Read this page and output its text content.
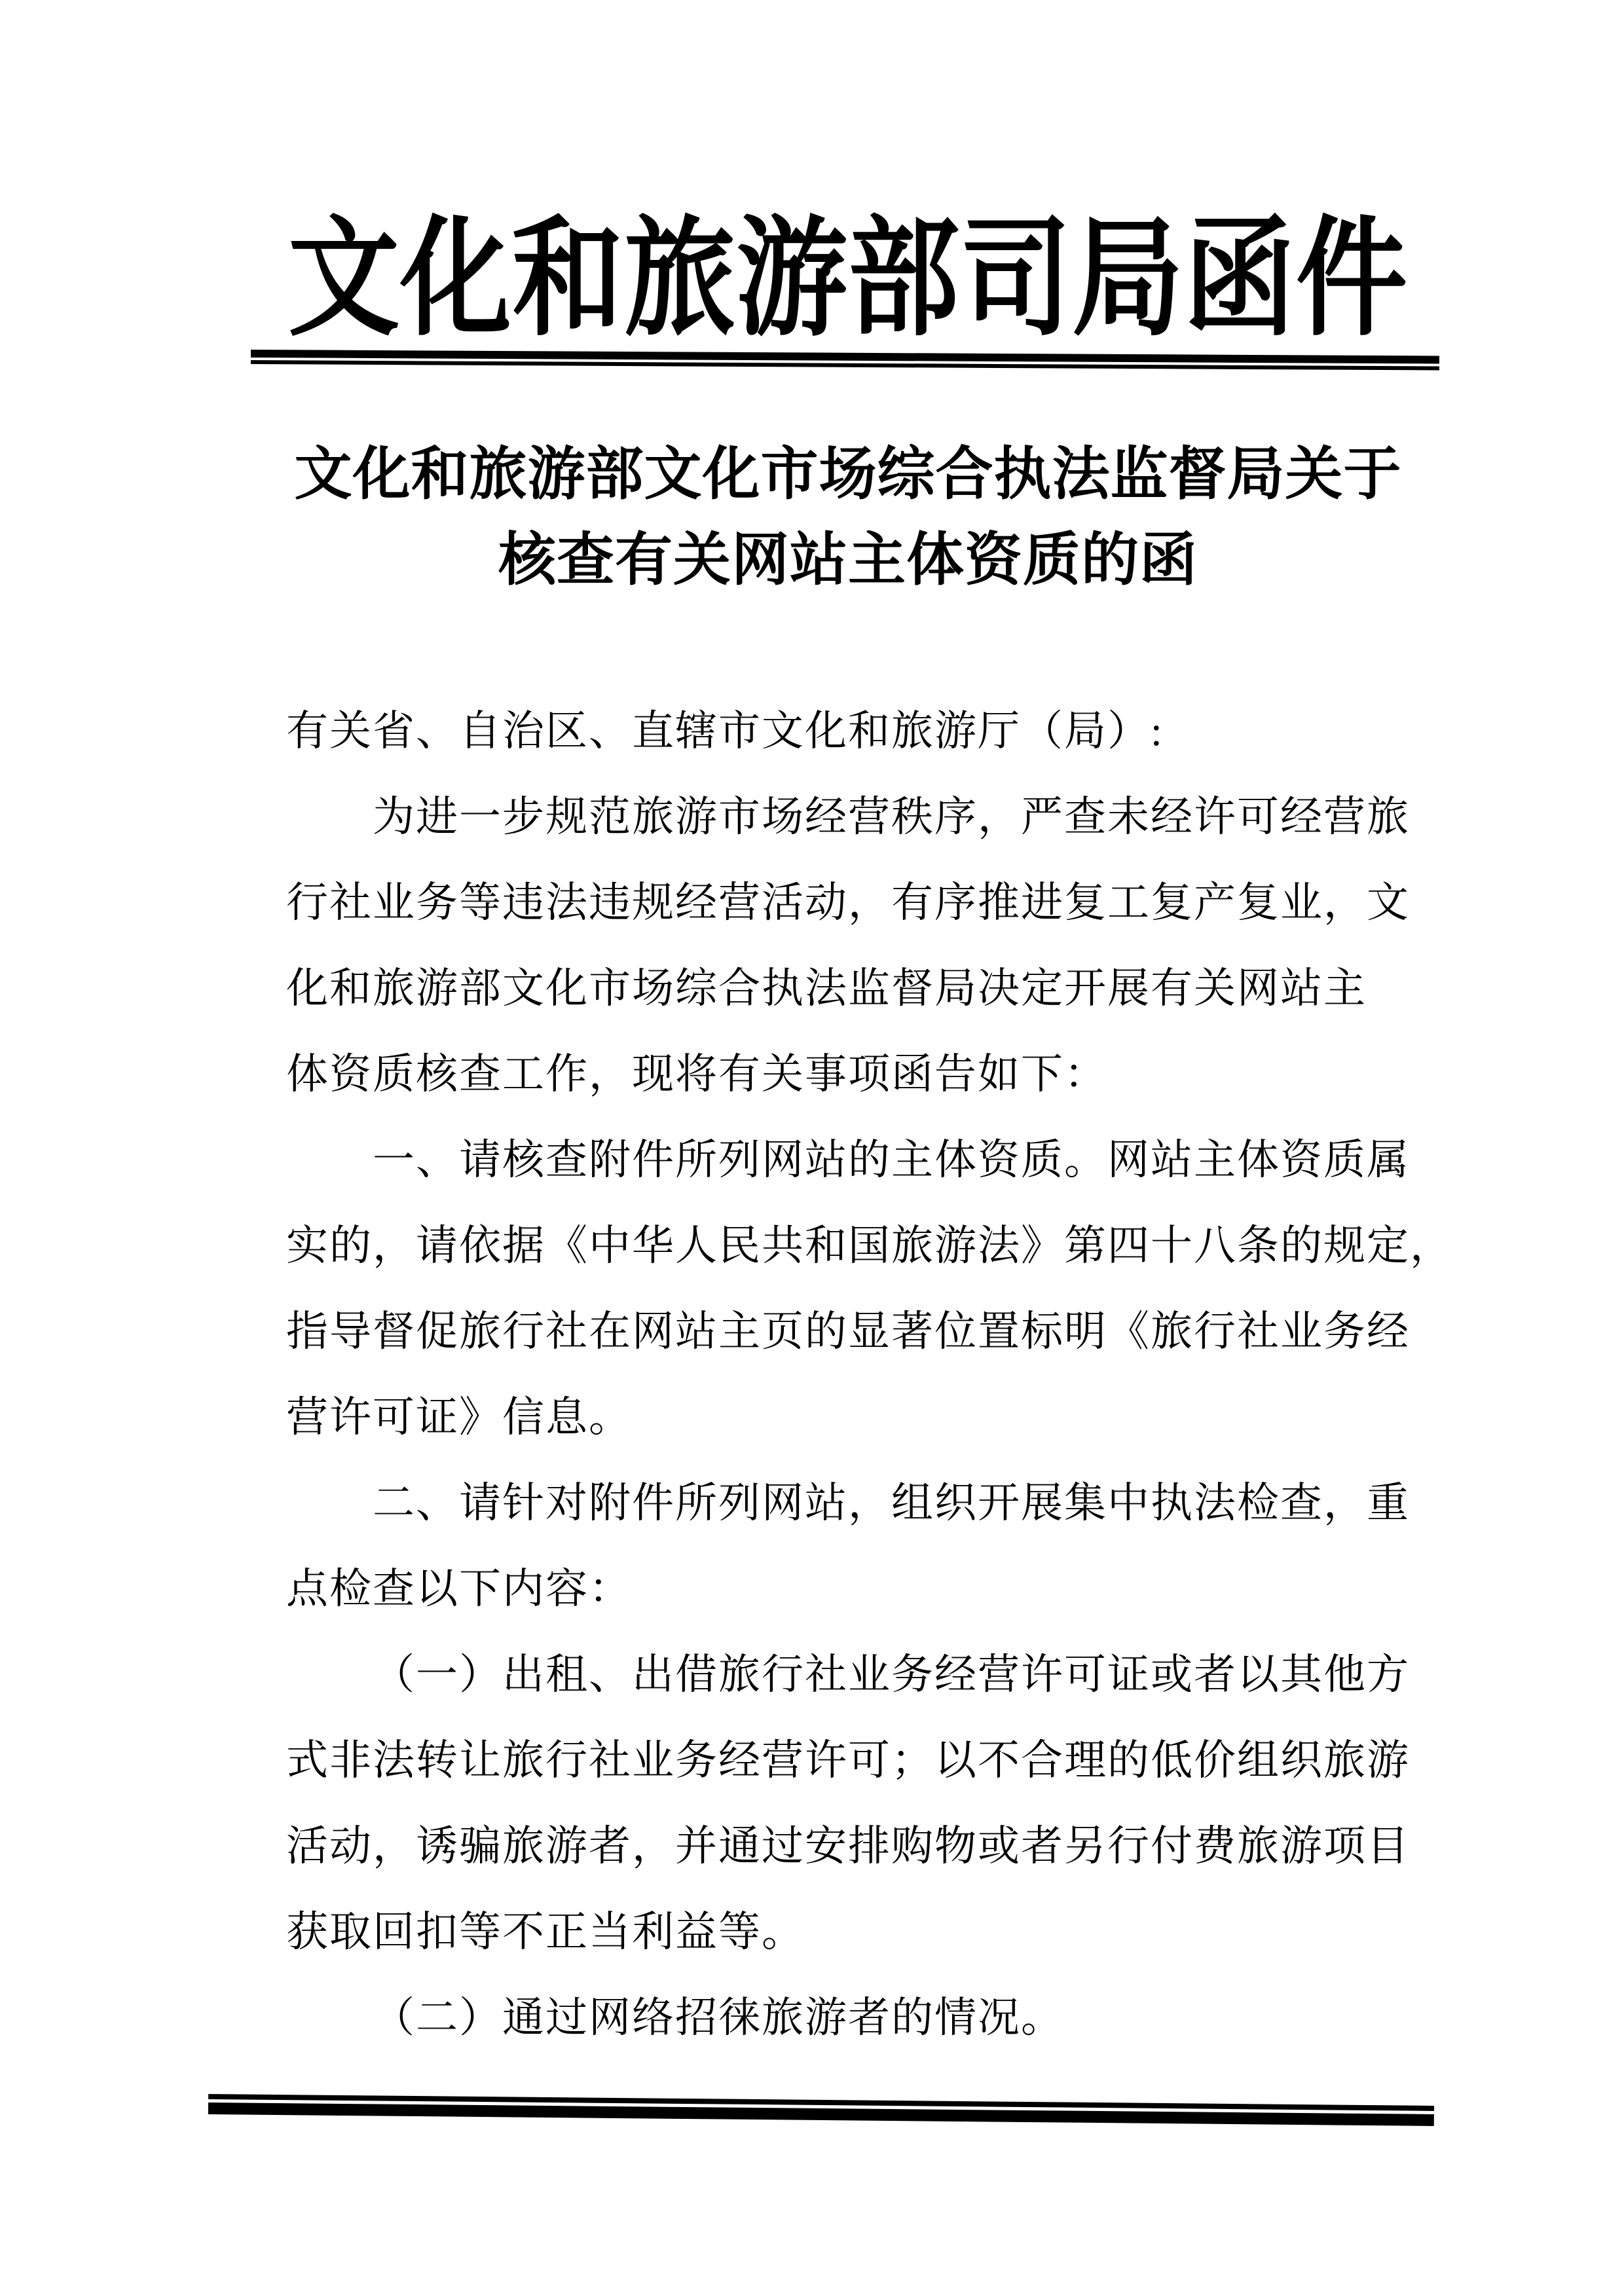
文化和旅游部司局函件
文化和旅游部文化市场综合执法监督局关于
核查有关网站主体资质的函
有关省、自治区、直辖市文化和旅游厅（局）:
为进一步规范旅游市场经营秩序，严查未经许可经营旅
行社业务等违法违规经营活动，有序推进复工复产复业，文
化和旅游部文化市场综合执法监督局决定开展有关网站主
体资质核查工作，现将有关事项函告如下：
一、请核查附件所列网站的主体资质。网站主体资质属
实的，请依据《中华人民共和国旅游法》第四十八条的规定，
指导督促旅行社在网站主页的显著位置标明《旅行社业务经
营许可证》信息。
二、请针对附件所列网站，组织开展集中执法检查，重
点检查以下内容：
（一）出租、出借旅行社业务经营许可证或者以其他方
式非法转让旅行社业务经营许可；以不合理的低价组织旅游
活动，诱骗旅游者，并通过安排购物或者另行付费旅游项目
获取回扣等不正当利益等。
（二）通过网络招徕旅游者的情况。
